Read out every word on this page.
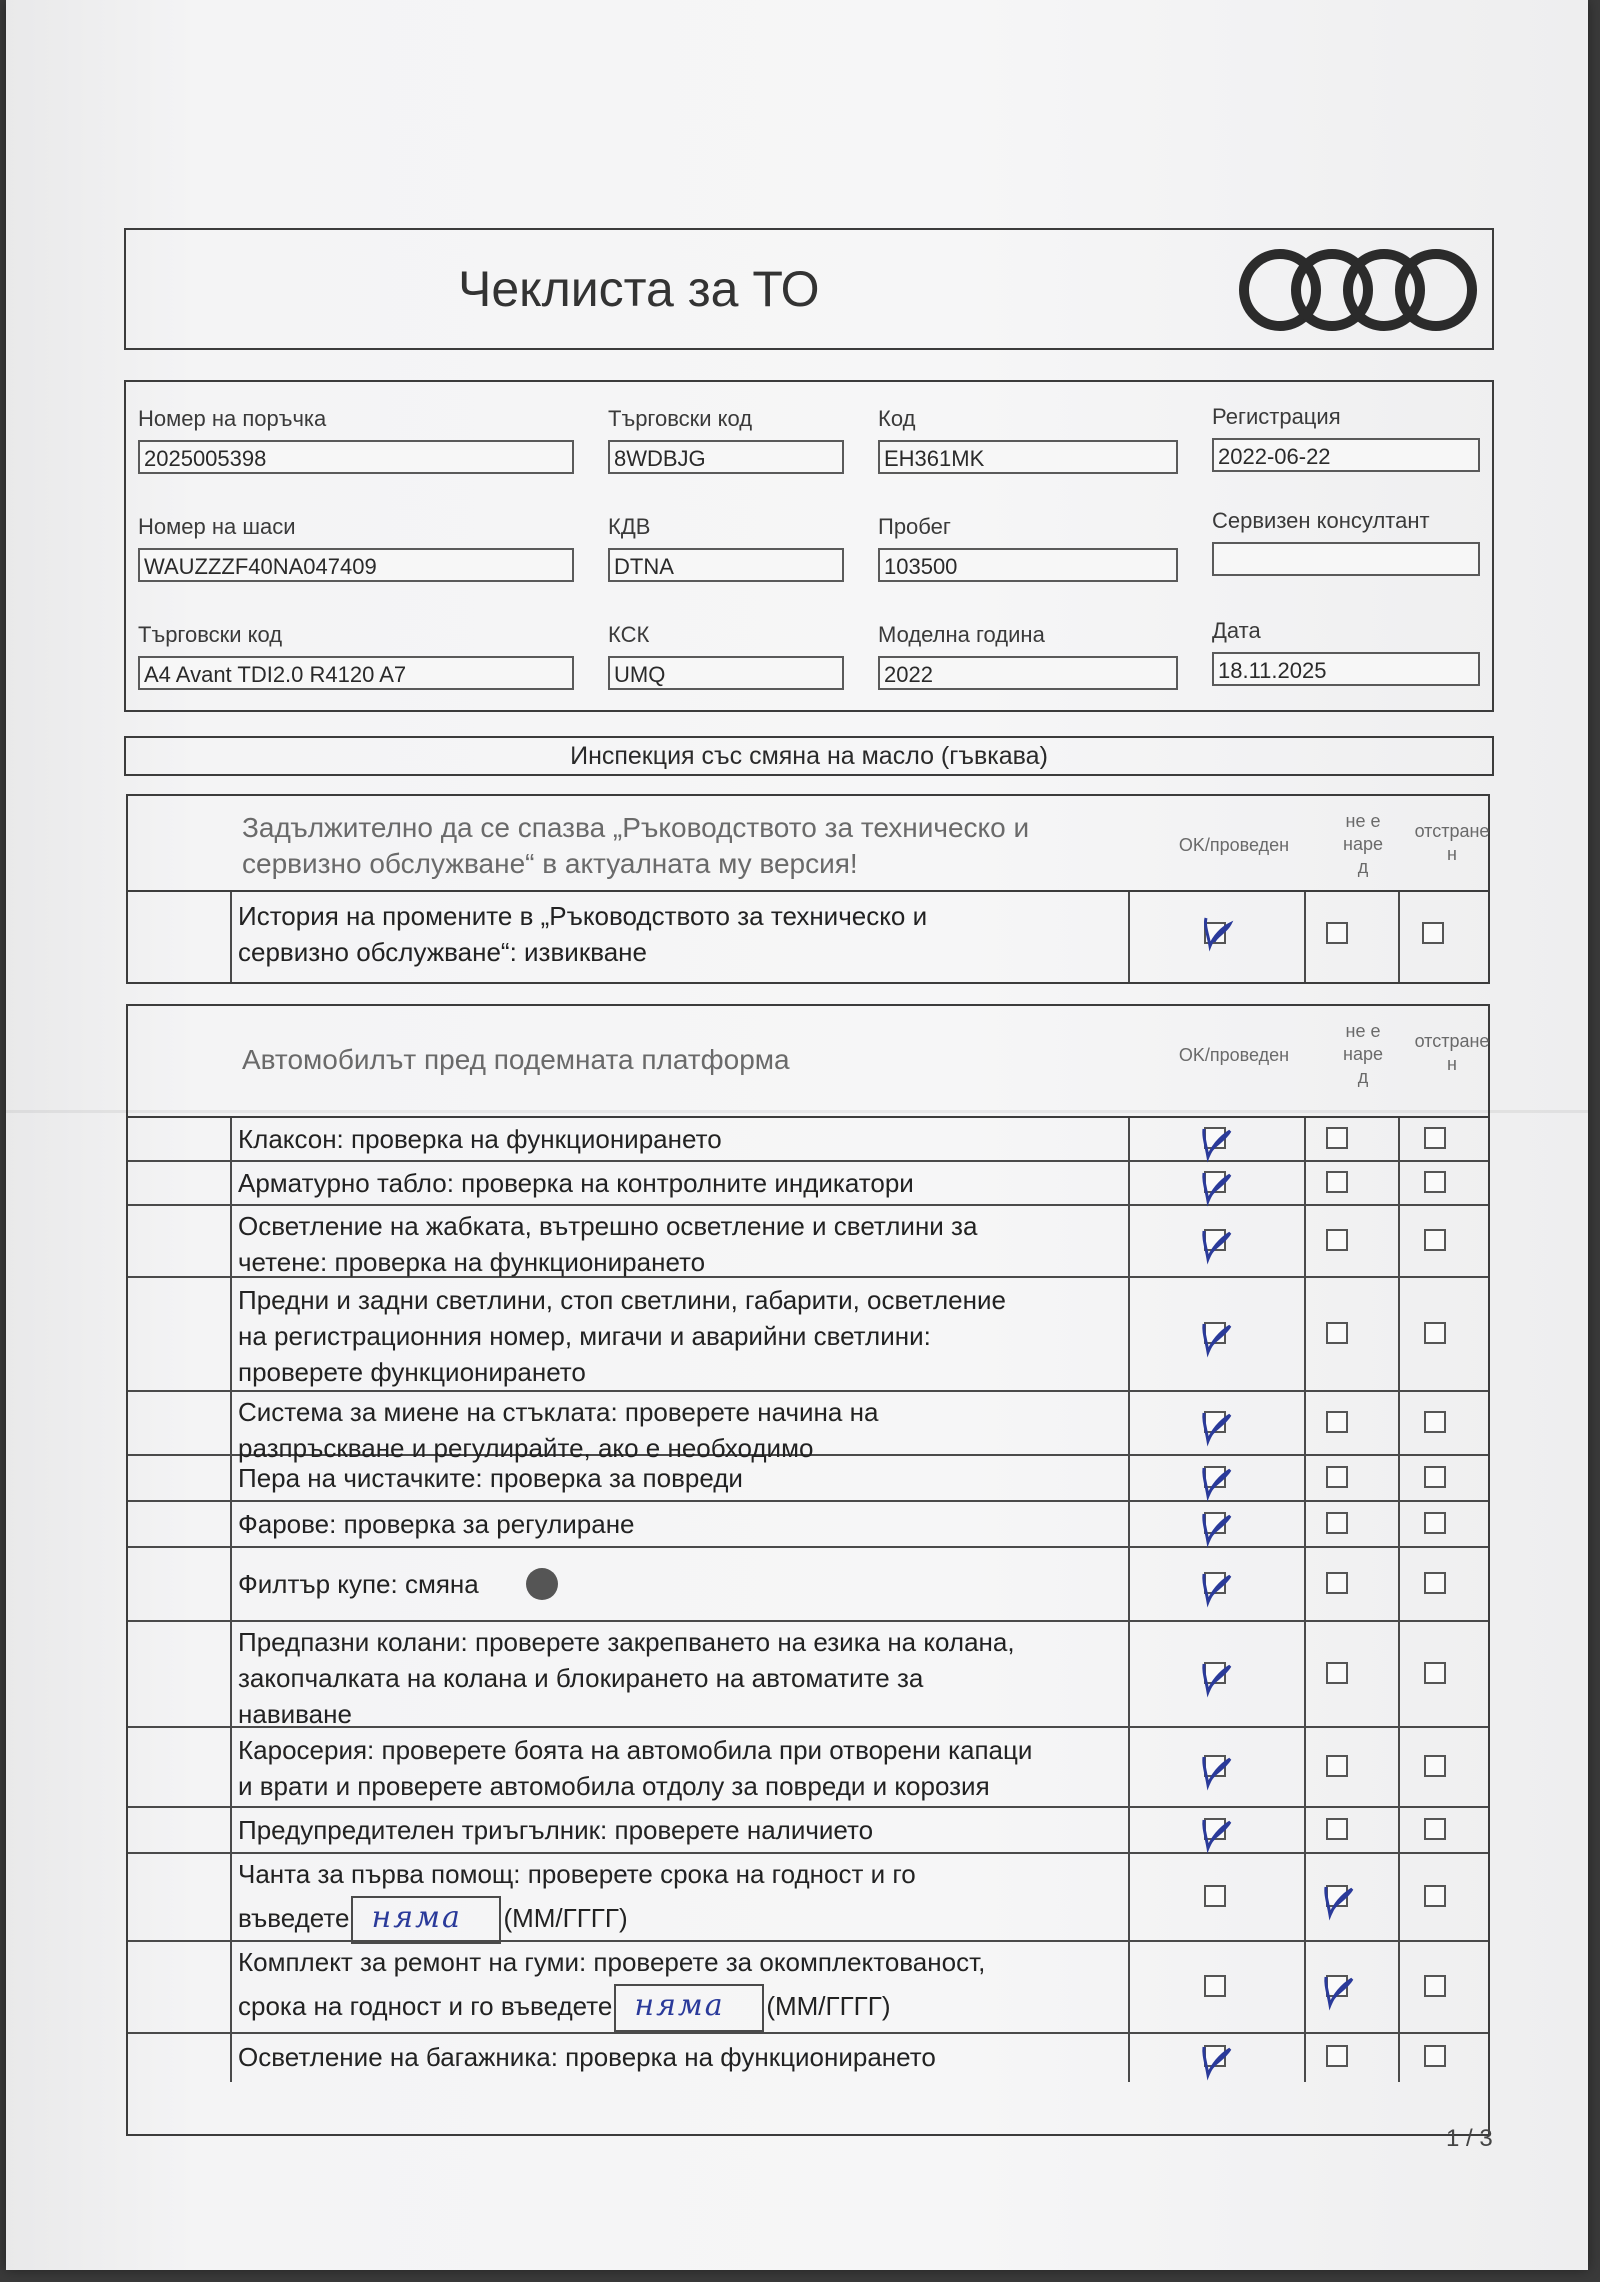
Чеклиста за ТО
Номер на поръчка
2025005398
Търговски код
8WDBJG
Код
EH361MK
Регистрация
2022-06-22
Номер на шаси
WAUZZZF40NA047409
КДВ
DTNA
Пробег
103500
Сервизен консултант
Търговски код
A4 Avant TDI2.0 R4120 A7
КСК
UMQ
Моделна година
2022
Дата
18.11.2025
Инспекция със смяна на масло (гъвкава)
Задължително да се спазва „Ръководството за техническо и
сервизно обслужване“ в актуалната му версия!
OK/проведен
не е
наре
д
отстране
н
История на промените в „Ръководството за техническо и
сервизно обслужване“: извикване
Автомобилът пред подемната платформа	OK/проведен
не е
наре
д
отстране
н
Клаксон: проверка на функционирането
Арматурно табло: проверка на контролните индикатори
Осветление на жабката, вътрешно осветление и светлини за
четене: проверка на функционирането
Предни и задни светлини, стоп светлини, габарити, осветление
на регистрационния номер, мигачи и аварийни светлини:
проверете функционирането
Система за миене на стъклата: проверете начина на
разпръскване и регулирайте, ако е необходимо
Пера на чистачките: проверка за повреди
Фарове: проверка за регулиране
Филтър купе: смяна
Предпазни колани: проверете закрепването на езика на колана,
закопчалката на колана и блокирането на автоматите за
навиване
Каросерия: проверете боята на автомобила при отворени капаци
и врати и проверете автомобила отдолу за повреди и корозия
Предупредителен триъгълник: проверете наличието
Чанта за първа помощ: проверете срока на годност и го
въведете няма (ММ/ГГГГ)
Комплект за ремонт на гуми: проверете за окомплектованост,
срока на годност и го въведете няма (ММ/ГГГГ)
Осветление на багажника: проверка на функционирането
1 / 3
